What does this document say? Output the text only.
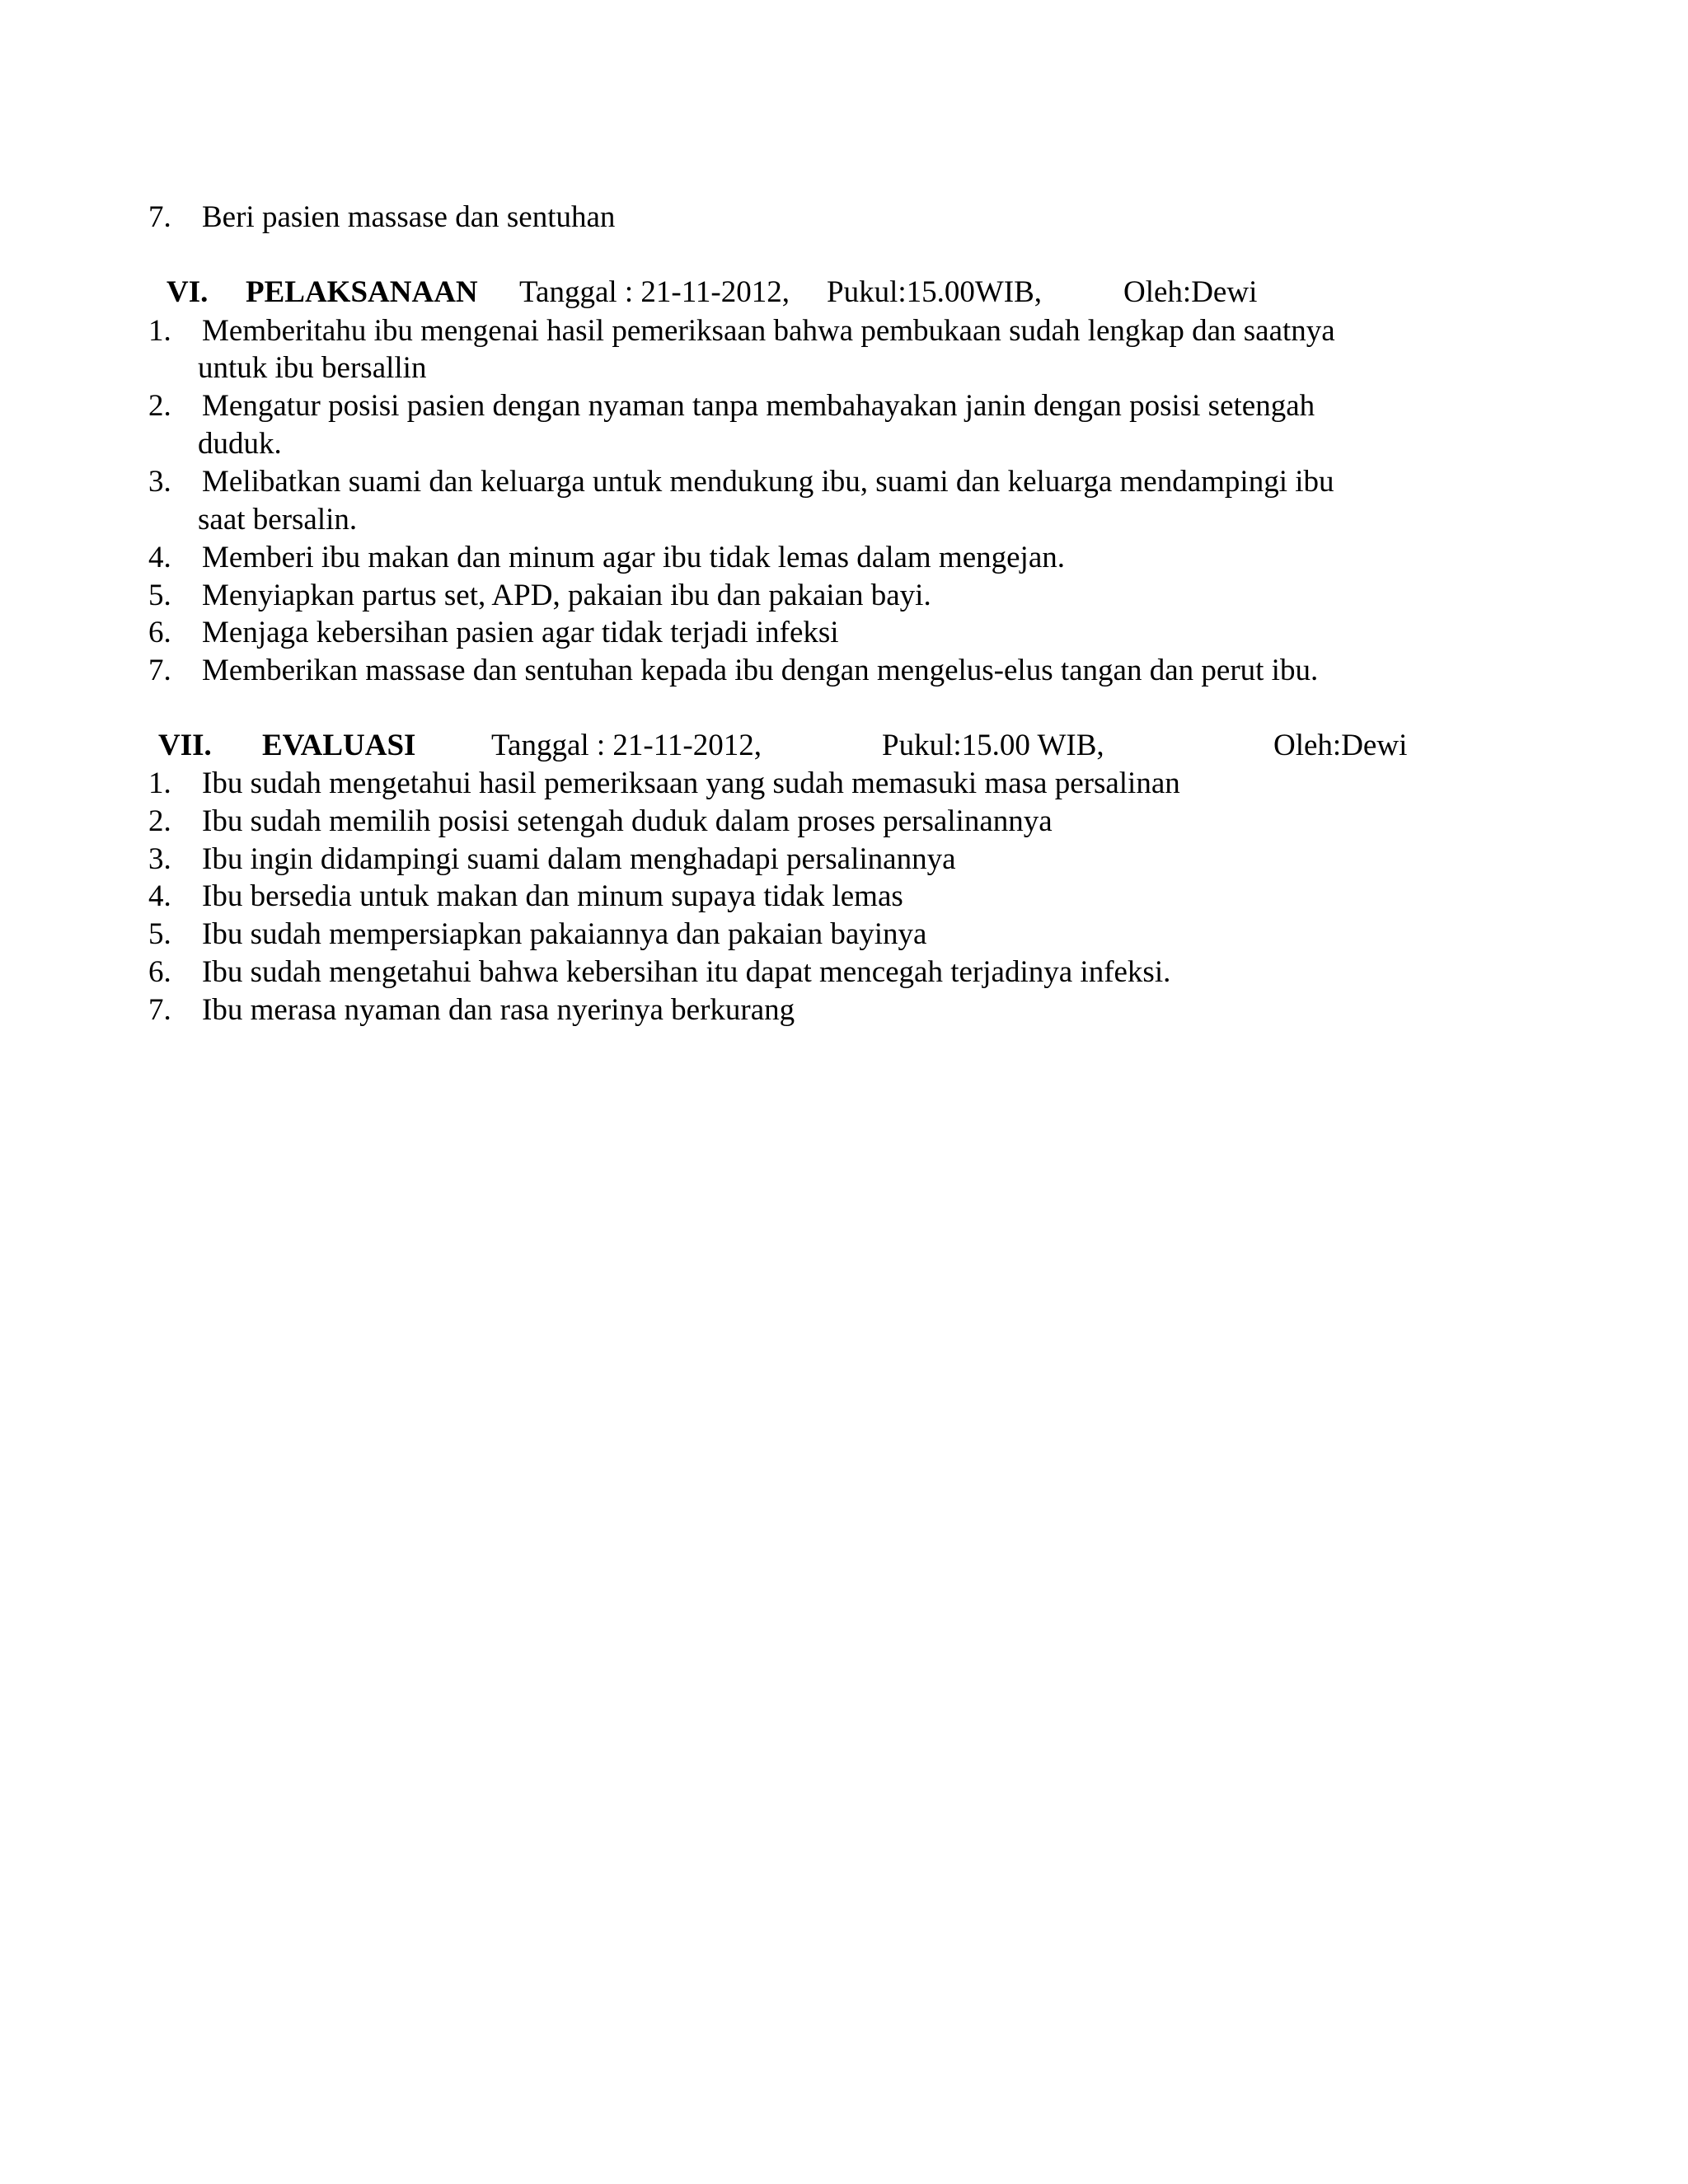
7. Beri pasien massase dan sentuhan
VI. PELAKSANAAN Tanggal : 21-11-2012, Pukul:15.00WIB,	Oleh:Dewi
1. Memberitahu ibu mengenai hasil pemeriksaan bahwa pembukaan sudah lengkap dan saatnya
untuk ibu bersallin
2. Mengatur posisi pasien dengan nyaman tanpa membahayakan janin dengan posisi setengah
duduk.
3. Melibatkan suami dan keluarga untuk mendukung ibu, suami dan keluarga mendampingi ibu
saat bersalin.
4. Memberi ibu makan dan minum agar ibu tidak lemas dalam mengejan.
5. Menyiapkan partus set, APD, pakaian ibu dan pakaian bayi.
6. Menjaga kebersihan pasien agar tidak terjadi infeksi
7. Memberikan massase dan sentuhan kepada ibu dengan mengelus-elus tangan dan perut ibu.
VII. EVALUASI Tanggal : 21-11-2012,	Pukul:15.00 WIB,	Oleh:Dewi
1. Ibu sudah mengetahui hasil pemeriksaan yang sudah memasuki masa persalinan
2. Ibu sudah memilih posisi setengah duduk dalam proses persalinannya
3. Ibu ingin didampingi suami dalam menghadapi persalinannya
4. Ibu bersedia untuk makan dan minum supaya tidak lemas
5. Ibu sudah mempersiapkan pakaiannya dan pakaian bayinya
6. Ibu sudah mengetahui bahwa kebersihan itu dapat mencegah terjadinya infeksi.
7. Ibu merasa nyaman dan rasa nyerinya berkurang
